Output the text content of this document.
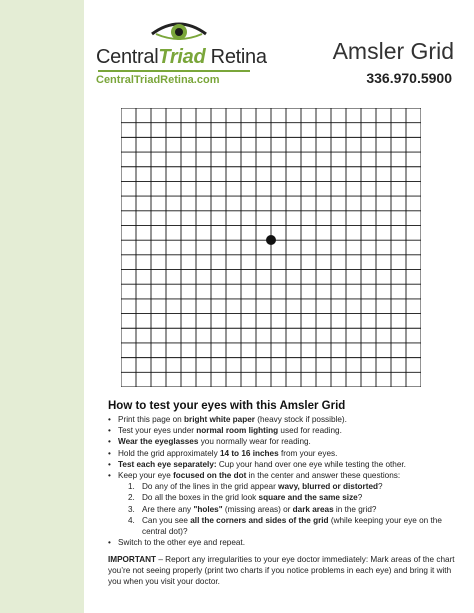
CentralTriad Retina	Amsler Grid
CentralTriadRetina.com	336.970.5900
How to test your eyes with this Amsler Grid
• Print this page on bright white paper (heavy stock if possible).
• Test your eyes under normal room lighting used for reading.
• Wear the eyeglasses you normally wear for reading.
• Hold the grid approximately 14 to 16 inches from your eyes.
• Test each eye separately: Cup your hand over one eye while testing the other.
• Keep your eye focused on the dot in the center and answer these questions:
1. Do any of the lines in the grid appear wavy, blurred or distorted?
2. Do all the boxes in the grid look square and the same size?
3. Are there any "holes" (missing areas) or dark areas in the grid?
4. Can you see all the corners and sides of the grid (while keeping your eye on the central dot)?
• Switch to the other eye and repeat.
IMPORTANT – Report any irregularities to your eye doctor immediately: Mark areas of the chart you’re not seeing properly (print two charts if you notice problems in each eye) and bring it with you when you visit your doctor.
